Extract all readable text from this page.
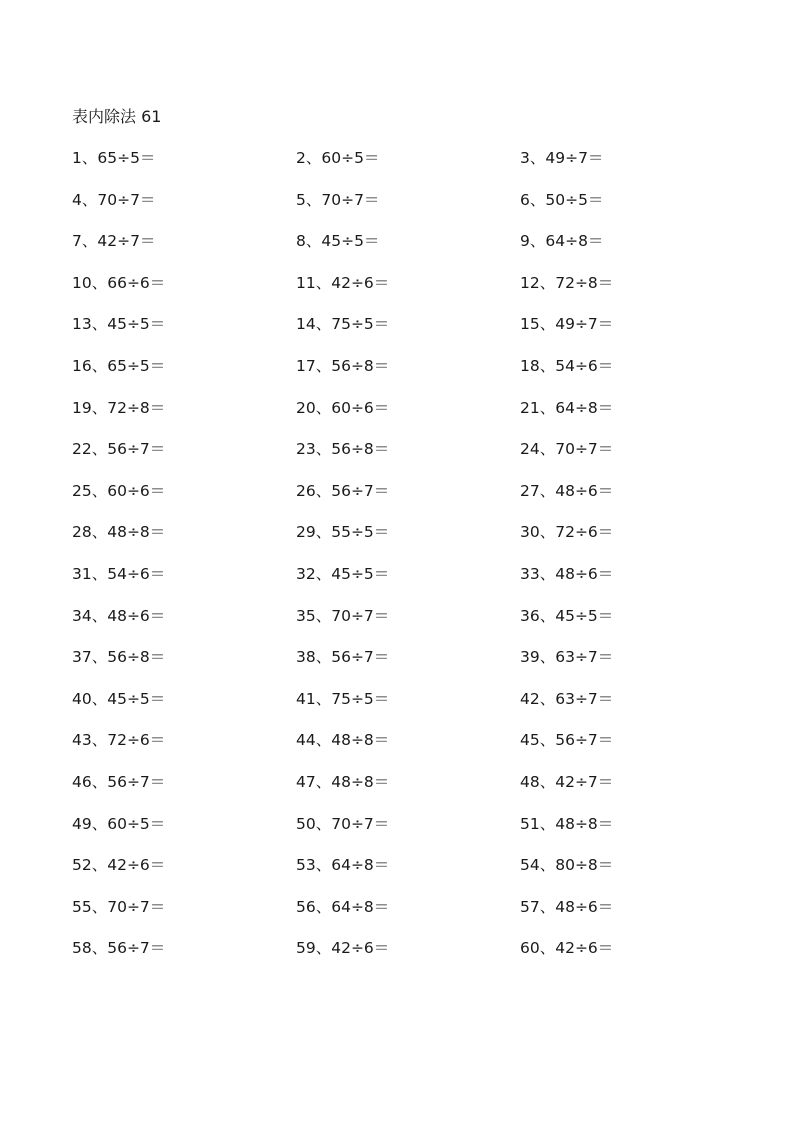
表内除法 61
1、65÷5＝	2、60÷5＝	3、49÷7＝
4、70÷7＝	5、70÷7＝	6、50÷5＝
7、42÷7＝	8、45÷5＝	9、64÷8＝
10、66÷6＝	11、42÷6＝	12、72÷8＝
13、45÷5＝	14、75÷5＝	15、49÷7＝
16、65÷5＝	17、56÷8＝	18、54÷6＝
19、72÷8＝	20、60÷6＝	21、64÷8＝
22、56÷7＝	23、56÷8＝	24、70÷7＝
25、60÷6＝	26、56÷7＝	27、48÷6＝
28、48÷8＝	29、55÷5＝	30、72÷6＝
31、54÷6＝	32、45÷5＝	33、48÷6＝
34、48÷6＝	35、70÷7＝	36、45÷5＝
37、56÷8＝	38、56÷7＝	39、63÷7＝
40、45÷5＝	41、75÷5＝	42、63÷7＝
43、72÷6＝	44、48÷8＝	45、56÷7＝
46、56÷7＝	47、48÷8＝	48、42÷7＝
49、60÷5＝	50、70÷7＝	51、48÷8＝
52、42÷6＝	53、64÷8＝	54、80÷8＝
55、70÷7＝	56、64÷8＝	57、48÷6＝
58、56÷7＝	59、42÷6＝	60、42÷6＝
